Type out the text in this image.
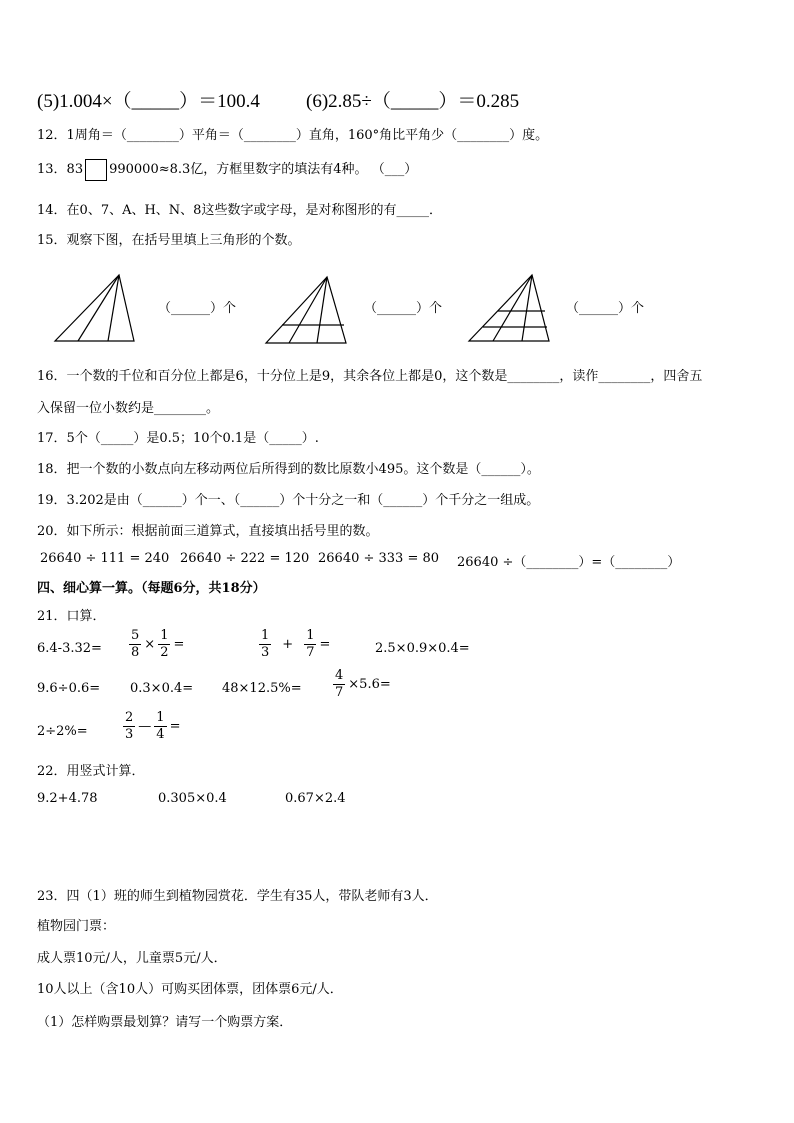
(5)1.004×（_____）＝100.4 (6)2.85÷（_____）＝0.285
12．1周角＝（________）平角＝（________）直角，160°角比平角少（________）度。
13．83 990000≈8.3亿，方框里数字的填法有4种。 （___）
14．在0、7、A、H、N、8这些数字或字母，是对称图形的有_____．
15．观察下图，在括号里填上三角形的个数。
（______）个	（______）个	（______）个
16．一个数的千位和百分位上都是6，十分位上是9，其余各位上都是0，这个数是________，读作________，四舍五
入保留一位小数约是________。
17．5个（_____）是0.5；10个0.1是（_____）.
18．把一个数的小数点向左移动两位后所得到的数比原数小495。这个数是（______）。
19．3.202是由（______）个一、（______）个十分之一和（______）个千分之一组成。
20．如下所示：根据前面三道算式，直接填出括号里的数。
26640 ÷ 111 = 240 26640 ÷ 222 = 120 26640 ÷ 333 = 80 26640 ÷（________）=（________）
四、细心算一算。（每题6分，共18分）
21．口算．
$6.4-3.32= \frac{5}{8} \times \frac{1}{2}$ =	$\frac{1}{3} + \frac{1}{7}$ =	2.5×0.9×0.4=
$9.6\div 0.6= 0.3\times 0.4= 48\times 12.5\%= \frac{4}{7} \times 5.6=$
2÷2%=	$\frac{2}{3}$ — $\frac{1}{4}$ =
22．用竖式计算．
9.2+4.78	0.305×0.4	0.67×2.4
23．四（1）班的师生到植物园赏花．学生有35人，带队老师有3人．
植物园门票：
成人票10元/人，儿童票5元/人．
10人以上（含10人）可购买团体票，团体票6元/人．
（1）怎样购票最划算？请写一个购票方案．
